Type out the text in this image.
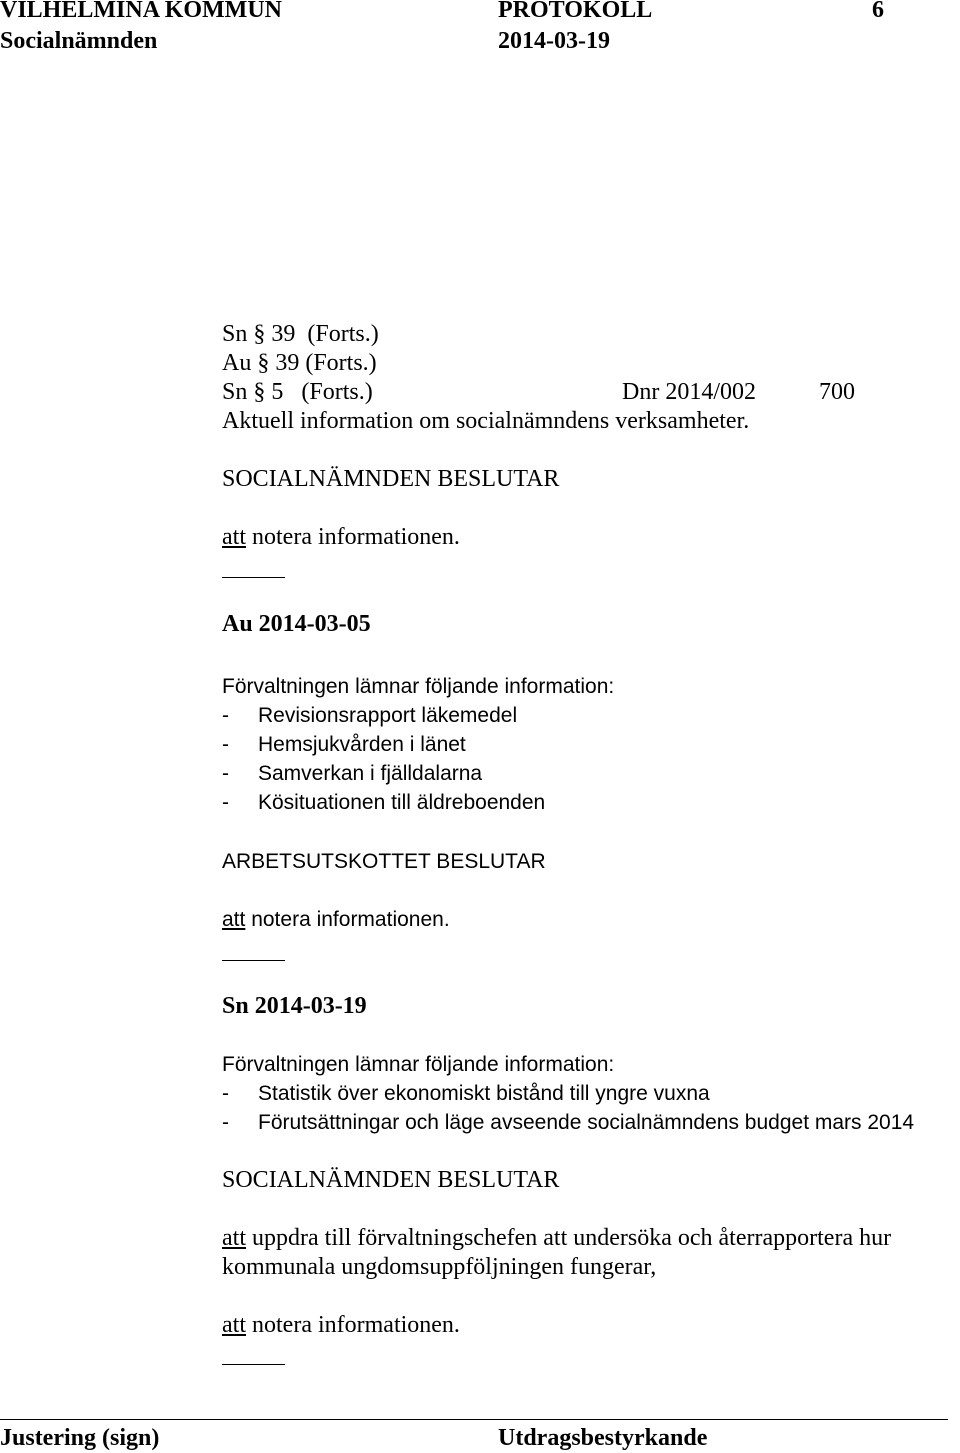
VILHELMINA KOMMUN	PROTOKOLL	6
Socialnämnden	2014-03-19
Sn § 39  (Forts.)
Au § 39 (Forts.)
Sn § 5   (Forts.)	Dnr 2014/002	700
Aktuell information om socialnämndens verksamheter.
SOCIALNÄMNDEN BESLUTAR
att notera informationen.
Au 2014-03-05
Förvaltningen lämnar följande information:
- Revisionsrapport läkemedel
- Hemsjukvården i länet
- Samverkan i fjälldalarna
- Kösituationen till äldreboenden
ARBETSUTSKOTTET BESLUTAR
att notera informationen.
Sn 2014-03-19
Förvaltningen lämnar följande information:
- Statistik över ekonomiskt bistånd till yngre vuxna
- Förutsättningar och läge avseende socialnämndens budget mars 2014
SOCIALNÄMNDEN BESLUTAR
att uppdra till förvaltningschefen att undersöka och återrapportera hur
kommunala ungdomsuppföljningen fungerar,
att notera informationen.
Justering (sign)	Utdragsbestyrkande
